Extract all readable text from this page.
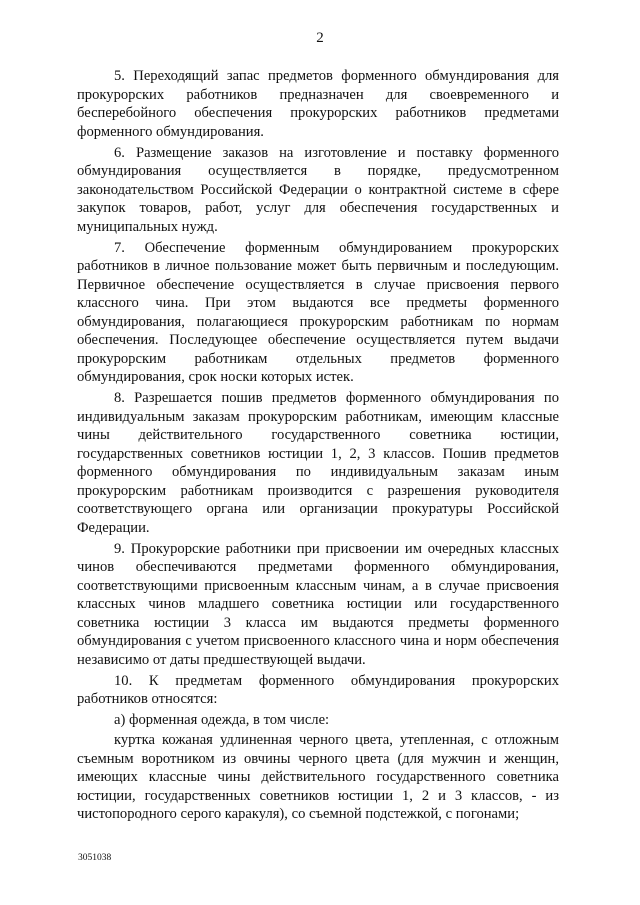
2

5. Переходящий запас предметов форменного обмундирования для прокурорских работников предназначен для своевременного и бесперебойного обеспечения прокурорских работников предметами форменного обмундирования.

6. Размещение заказов на изготовление и поставку форменного обмундирования осуществляется в порядке, предусмотренном законодательством Российской Федерации о контрактной системе в сфере закупок товаров, работ, услуг для обеспечения государственных и муниципальных нужд.

7. Обеспечение форменным обмундированием прокурорских работников в личное пользование может быть первичным и последующим. Первичное обеспечение осуществляется в случае присвоения первого классного чина. При этом выдаются все предметы форменного обмундирования, полагающиеся прокурорским работникам по нормам обеспечения. Последующее обеспечение осуществляется путем выдачи прокурорским работникам отдельных предметов форменного обмундирования, срок носки которых истек.

8. Разрешается пошив предметов форменного обмундирования по индивидуальным заказам прокурорским работникам, имеющим классные чины действительного государственного советника юстиции, государственных советников юстиции 1, 2, 3 классов. Пошив предметов форменного обмундирования по индивидуальным заказам иным прокурорским работникам производится с разрешения руководителя соответствующего органа или организации прокуратуры Российской Федерации.

9. Прокурорские работники при присвоении им очередных классных чинов обеспечиваются предметами форменного обмундирования, соответствующими присвоенным классным чинам, а в случае присвоения классных чинов младшего советника юстиции или государственного советника юстиции 3 класса им выдаются предметы форменного обмундирования с учетом присвоенного классного чина и норм обеспечения независимо от даты предшествующей выдачи.

10. К предметам форменного обмундирования прокурорских работников относятся:

а) форменная одежда, в том числе:

куртка кожаная удлиненная черного цвета, утепленная, с отложным съемным воротником из овчины черного цвета (для мужчин и женщин, имеющих классные чины действительного государственного советника юстиции, государственных советников юстиции 1, 2 и 3 классов, - из чистопородного серого каракуля), со съемной подстежкой, с погонами;

3051038
